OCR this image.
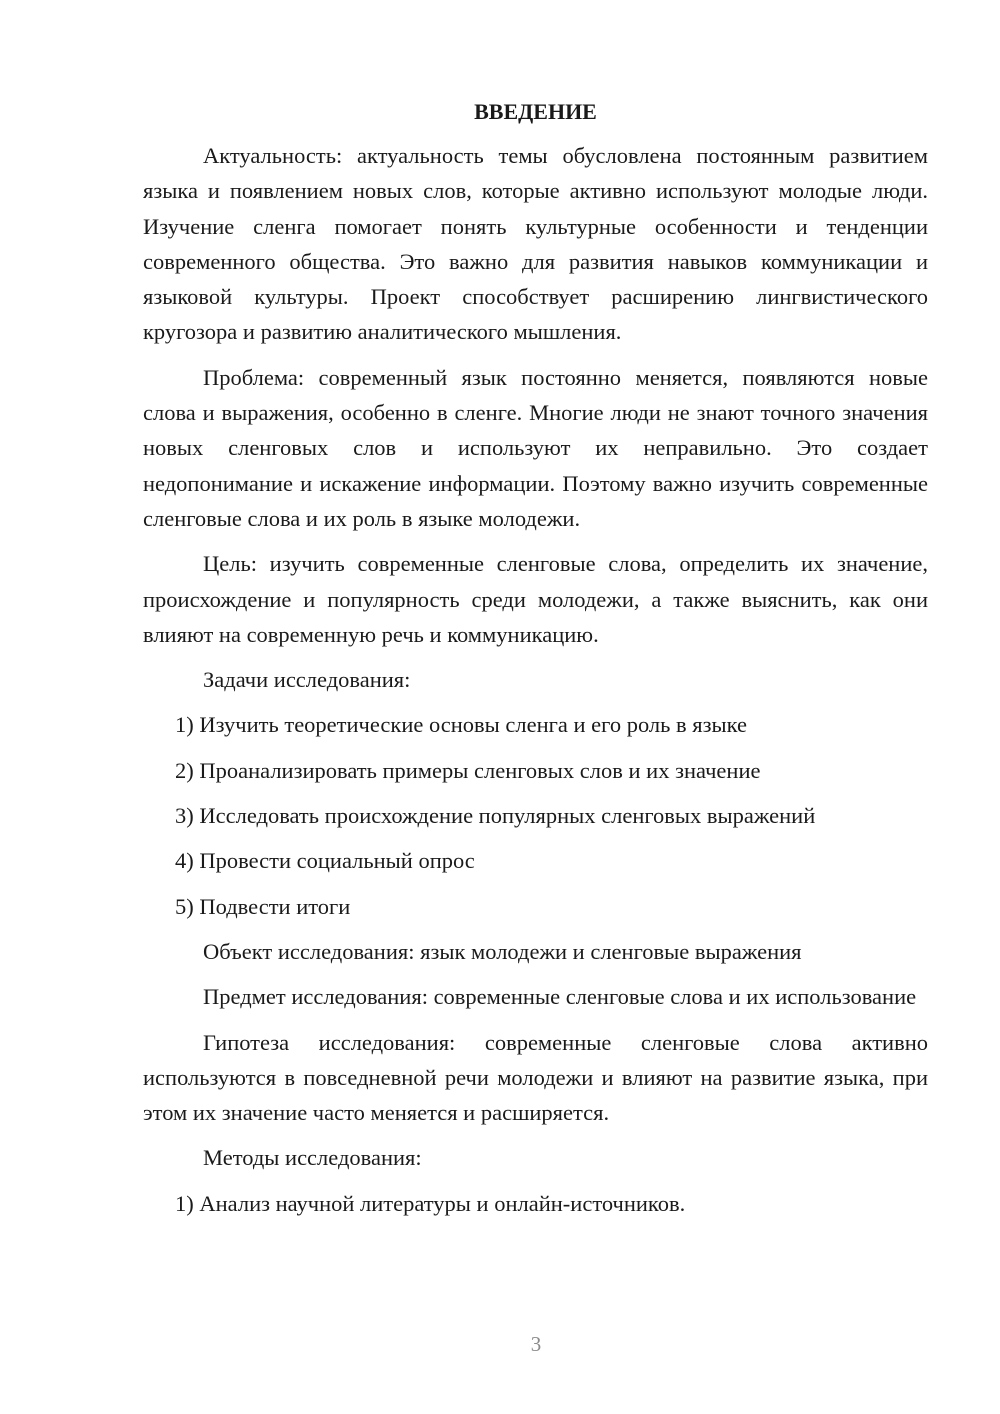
ВВЕДЕНИЕ

Актуальность: актуальность темы обусловлена постоянным развитием языка и появлением новых слов, которые активно используют молодые люди. Изучение сленга помогает понять культурные особенности и тенденции современного общества. Это важно для развития навыков коммуникации и языковой культуры. Проект способствует расширению лингвистического кругозора и развитию аналитического мышления.

Проблема: современный язык постоянно меняется, появляются новые слова и выражения, особенно в сленге. Многие люди не знают точного значения новых сленговых слов и используют их неправильно. Это создает недопонимание и искажение информации. Поэтому важно изучить современные сленговые слова и их роль в языке молодежи.

Цель: изучить современные сленговые слова, определить их значение, происхождение и популярность среди молодежи, а также выяснить, как они влияют на современную речь и коммуникацию.

Задачи исследования:

1) Изучить теоретические основы сленга и его роль в языке
2) Проанализировать примеры сленговых слов и их значение
3) Исследовать происхождение популярных сленговых выражений
4) Провести социальный опрос
5) Подвести итоги

Объект исследования: язык молодежи и сленговые выражения

Предмет исследования: современные сленговые слова и их использование

Гипотеза исследования: современные сленговые слова активно используются в повседневной речи молодежи и влияют на развитие языка, при этом их значение часто меняется и расширяется.

Методы исследования:

1) Анализ научной литературы и онлайн-источников.
3
